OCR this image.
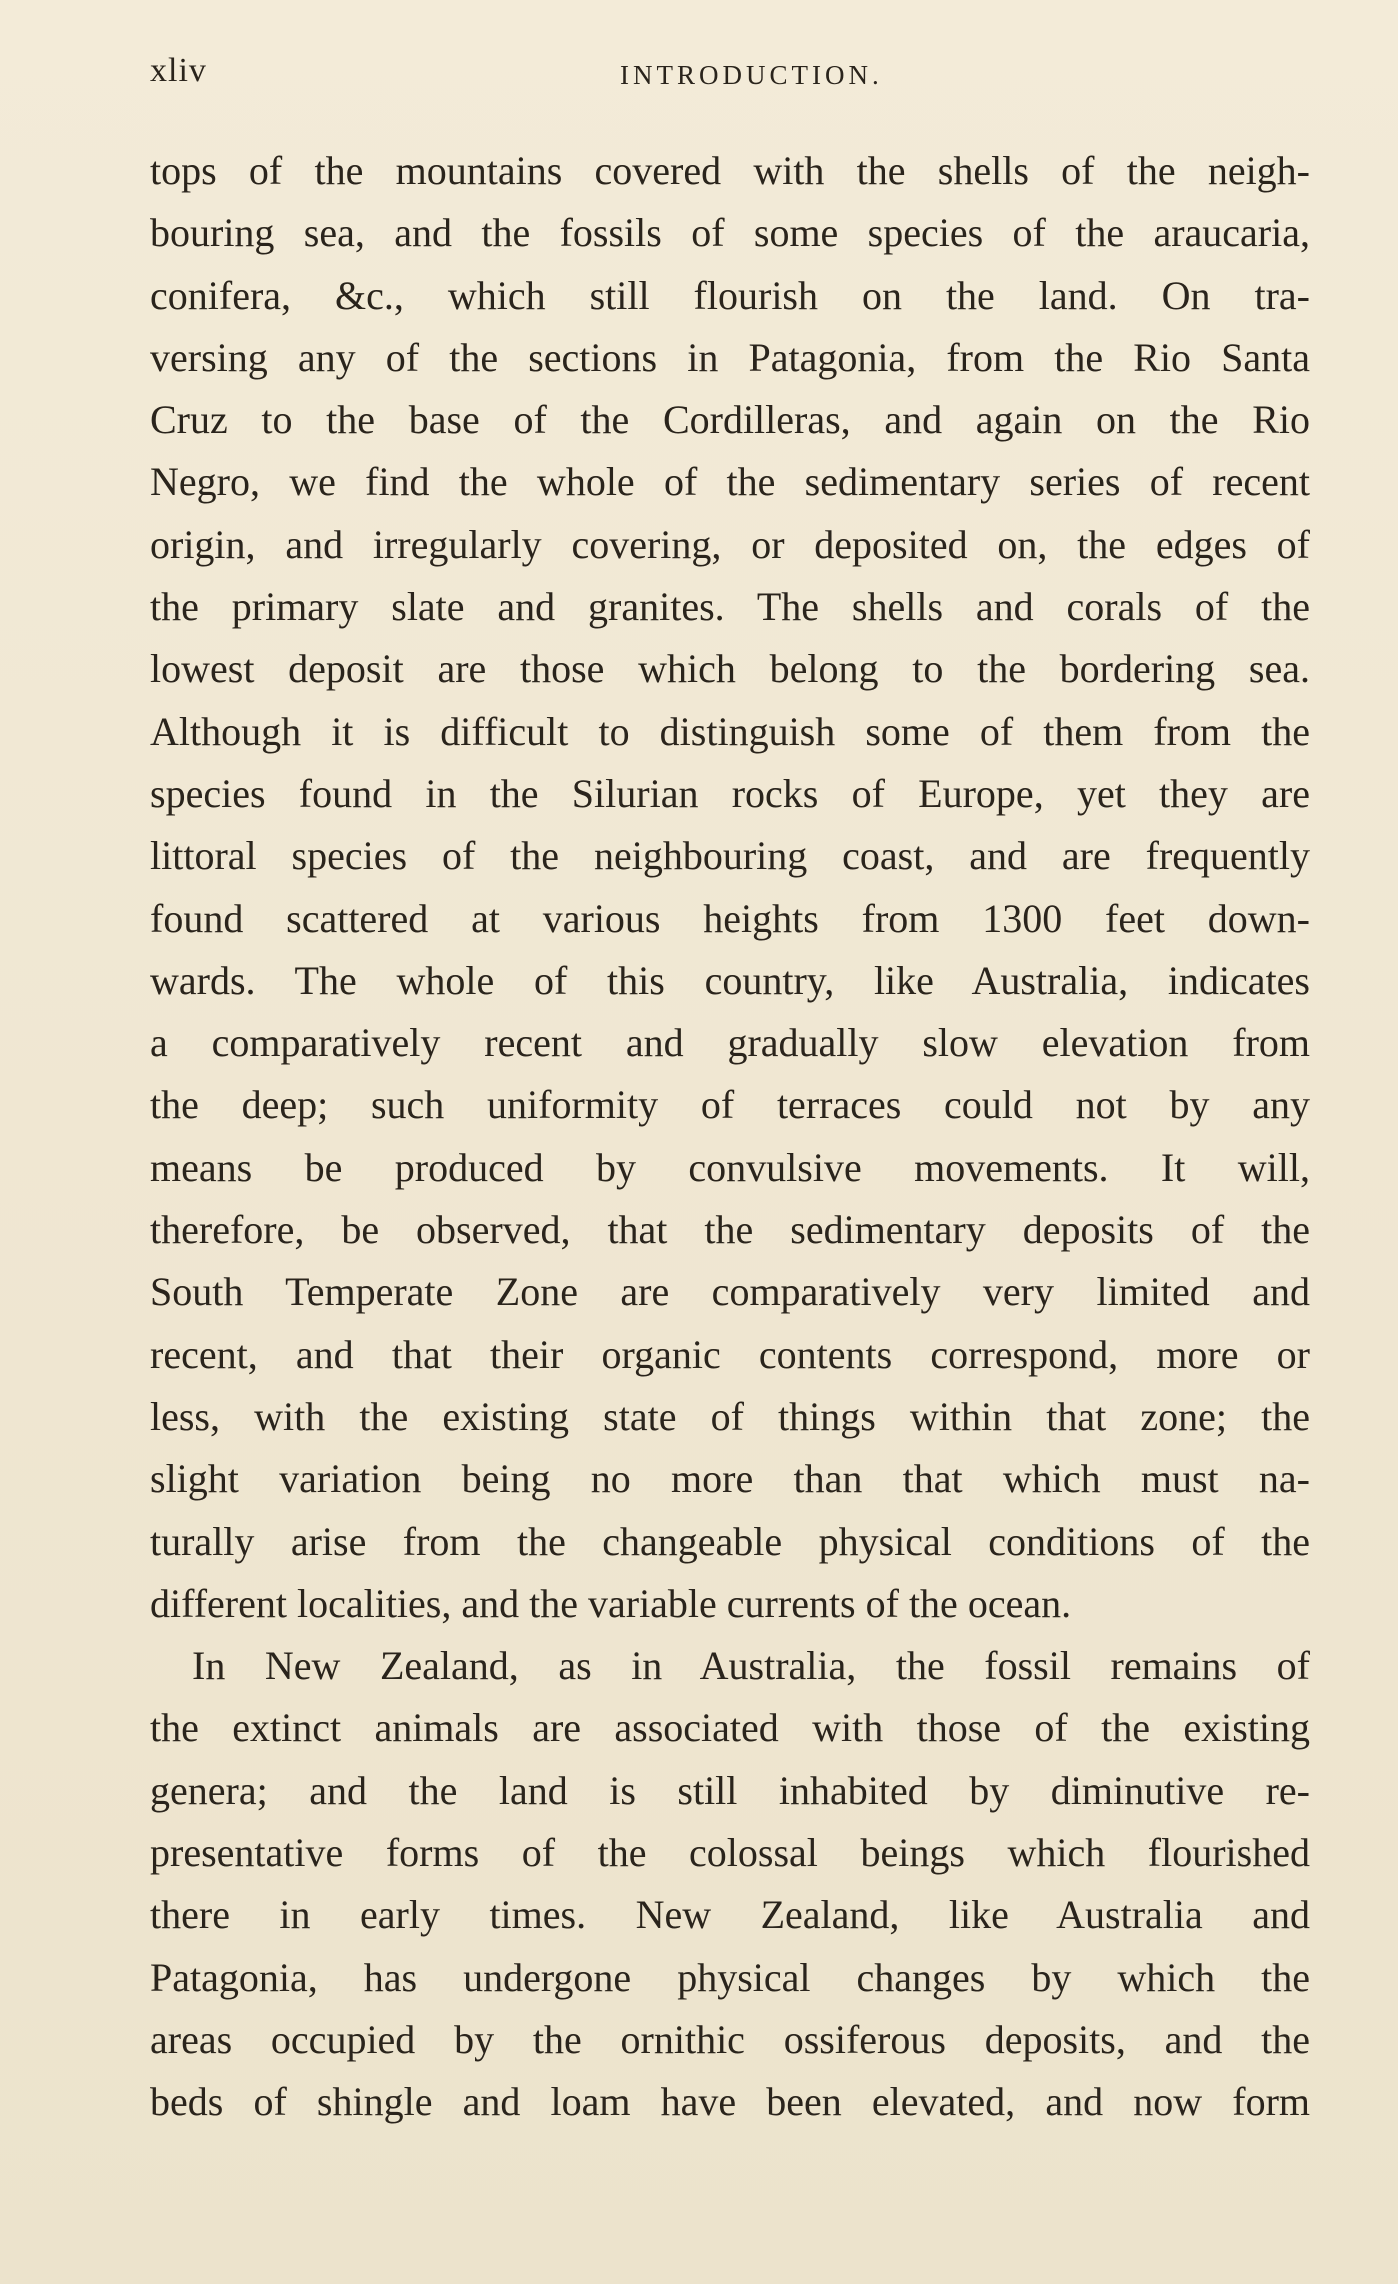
xliv	INTRODUCTION.
tops of the mountains covered with the shells of the neigh-
bouring sea, and the fossils of some species of the araucaria,
conifera, &c., which still flourish on the land. On tra-
versing any of the sections in Patagonia, from the Rio Santa
Cruz to the base of the Cordilleras, and again on the Rio
Negro, we find the whole of the sedimentary series of recent
origin, and irregularly covering, or deposited on, the edges of
the primary slate and granites. The shells and corals of the
lowest deposit are those which belong to the bordering sea.
Although it is difficult to distinguish some of them from the
species found in the Silurian rocks of Europe, yet they are
littoral species of the neighbouring coast, and are frequently
found scattered at various heights from 1300 feet down-
wards. The whole of this country, like Australia, indicates
a comparatively recent and gradually slow elevation from
the deep; such uniformity of terraces could not by any
means be produced by convulsive movements. It will,
therefore, be observed, that the sedimentary deposits of the
South Temperate Zone are comparatively very limited and
recent, and that their organic contents correspond, more or
less, with the existing state of things within that zone; the
slight variation being no more than that which must na-
turally arise from the changeable physical conditions of the
different localities, and the variable currents of the ocean.
In New Zealand, as in Australia, the fossil remains of
the extinct animals are associated with those of the existing
genera; and the land is still inhabited by diminutive re-
presentative forms of the colossal beings which flourished
there in early times. New Zealand, like Australia and
Patagonia, has undergone physical changes by which the
areas occupied by the ornithic ossiferous deposits, and the
beds of shingle and loam have been elevated, and now form
